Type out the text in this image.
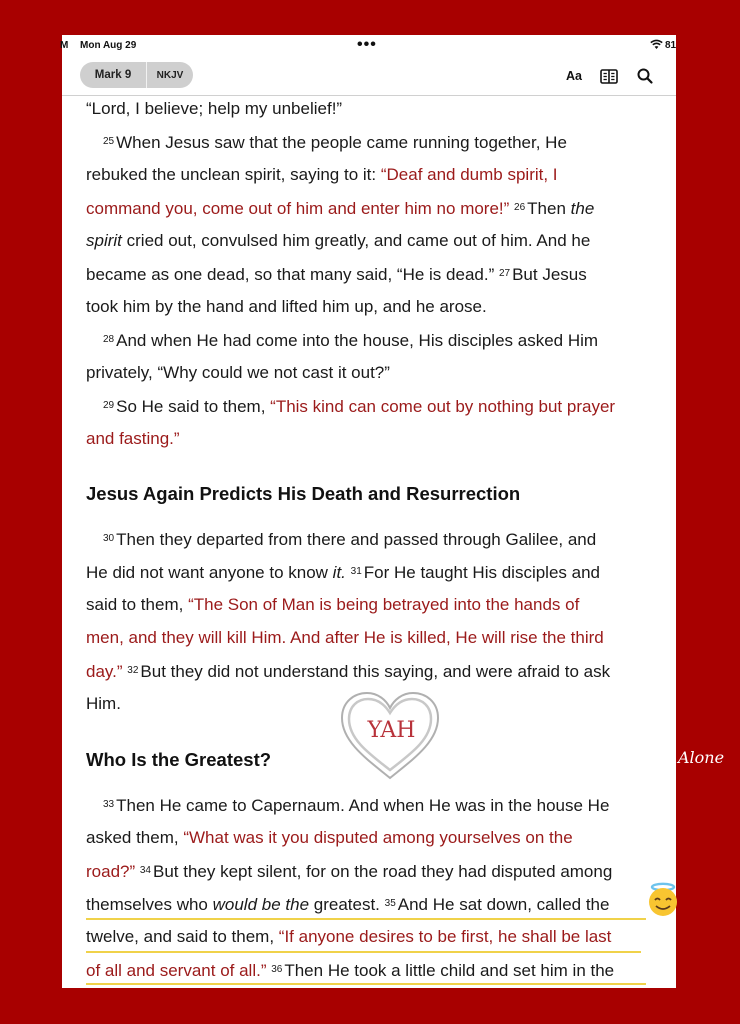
M Mon Aug 29	•••	81
Mark 9	NKJV	Aa
“Lord, I believe; help my unbelief!”
$^{25}$ When Jesus saw that the people came running together, He
rebuked the unclean spirit, saying to it: “Deaf and dumb spirit, I
command you, come out of him and enter him no more!” $^{26}$ Then the
spirit cried out, convulsed him greatly, and came out of him. And he
became as one dead, so that many said, “He is dead.” $^{27}$ But Jesus
took him by the hand and lifted him up, and he arose.
$^{28}$ And when He had come into the house, His disciples asked Him
privately, “Why could we not cast it out?”
$^{29}$ So He said to them, “This kind can come out by nothing but prayer
and fasting.”
Jesus Again Predicts His Death and Resurrection
$^{30}$ Then they departed from there and passed through Galilee, and
He did not want anyone to know it. $^{31}$ For He taught His disciples and
said to them, “The Son of Man is being betrayed into the hands of
men, and they will kill Him. And after He is killed, He will rise the third
day.” $^{32}$ But they did not understand this saying, and were afraid to ask
Him.
Who Is the Greatest?
$^{33}$ Then He came to Capernaum. And when He was in the house He
asked them, “What was it you disputed among yourselves on the
road?” $^{34}$ But they kept silent, for on the road they had disputed among
themselves who would be the greatest. $^{35}$ And He sat down, called the
twelve, and said to them, “If anyone desires to be first, he shall be last
of all and servant of all.” $^{36}$ Then He took a little child and set him in the
YAH
Alone
